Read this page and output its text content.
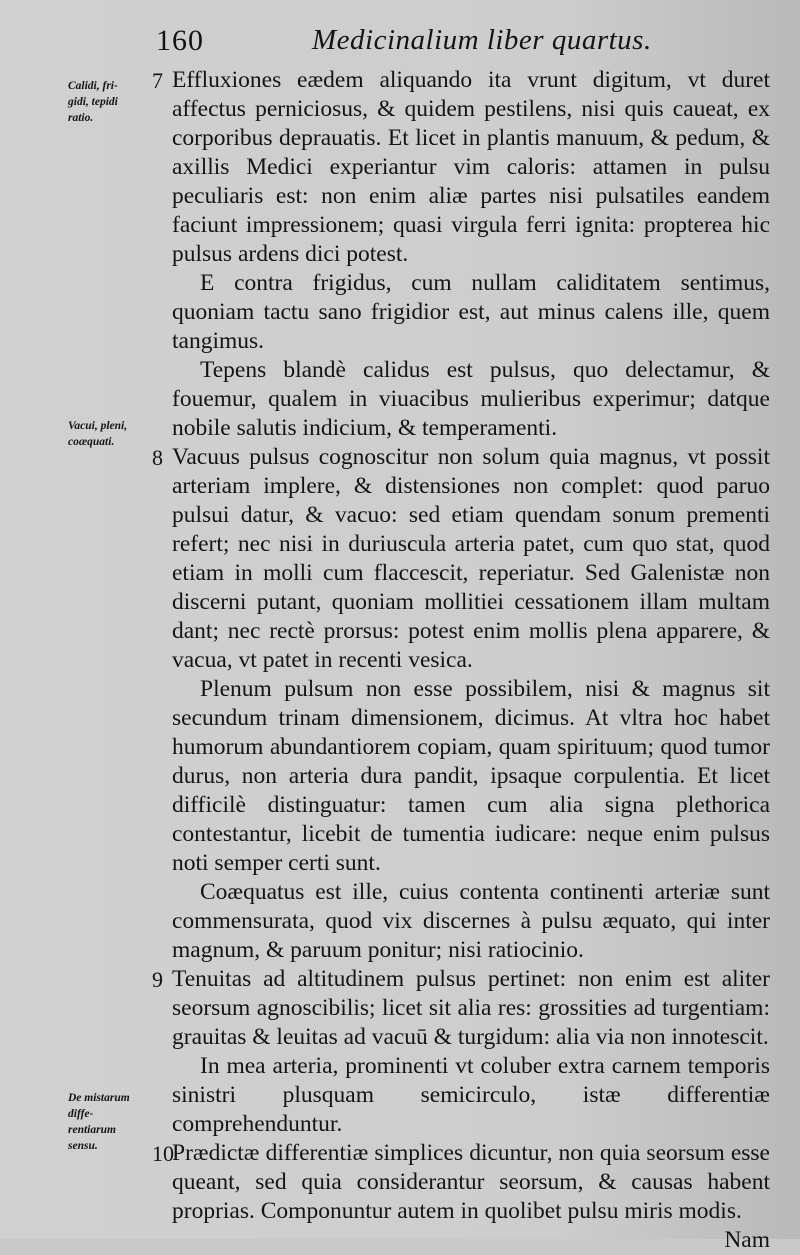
160	Medicinalium liber quartus.
Calidi, fri-
gidi, tepidi
ratio.
Vacui, pleni,
coæquati.
De mistarum diffe-
rentiarum
sensu.

7 Effluxiones eædem aliquando ita vrunt digitum, vt duret affectus perniciosus, & quidem pestilens, nisi quis caueat, ex corporibus deprauatis. Et licet in plantis manuum, & pedum, & axillis Medici experiantur vim caloris: attamen in pulsu peculiaris est: non enim aliæ partes nisi pulsatiles eandem faciunt impressionem; quasi virgula ferri ignita: propterea hic pulsus ardens dici potest.

E contra frigidus, cum nullam caliditatem sentimus, quoniam tactu sano frigidior est, aut minus calens ille, quem tangimus.

Tepens blandè calidus est pulsus, quo delectamur, & fouemur, qualem in viuacibus mulieribus experimur; datque nobile salutis indicium, & temperamenti.

8 Vacuus pulsus cognoscitur non solum quia magnus, vt possit arteriam implere, & distensiones non complet: quod paruo pulsui datur, & vacuo: sed etiam quendam sonum prementi refert; nec nisi in duriuscula arteria patet, cum quo stat, quod etiam in molli cum flaccescit, reperiatur. Sed Galenistæ non discerni putant, quoniam mollitiei cessationem illam multam dant; nec rectè prorsus: potest enim mollis plena apparere, & vacua, vt patet in recenti vesica.

Plenum pulsum non esse possibilem, nisi & magnus sit secundum trinam dimensionem, dicimus. At vltra hoc habet humorum abundantiorem copiam, quam spirituum; quod tumor durus, non arteria dura pandit, ipsaque corpulentia. Et licet difficilè distinguatur: tamen cum alia signa plethorica contestantur, licebit de tumentia iudicare: neque enim pulsus noti semper certi sunt.

Coæquatus est ille, cuius contenta continenti arteriæ sunt commensurata, quod vix discernes à pulsu æquato, qui inter magnum, & paruum ponitur; nisi ratiocinio.

9 Tenuitas ad altitudinem pulsus pertinet: non enim est aliter seorsum agnoscibilis; licet sit alia res: grossities ad turgentiam: grauitas & leuitas ad vacuū & turgidum: alia via non innotescit.

In mea arteria, prominenti vt coluber extra carnem temporis sinistri plusquam semicirculo, istæ differentiæ comprehenduntur.

10
Prædictæ differentiæ simplices dicuntur, non quia seorsum esse queant, sed quia considerantur seorsum, & causas habent proprias. Componuntur autem in quolibet pulsu miris modis.

Nam
